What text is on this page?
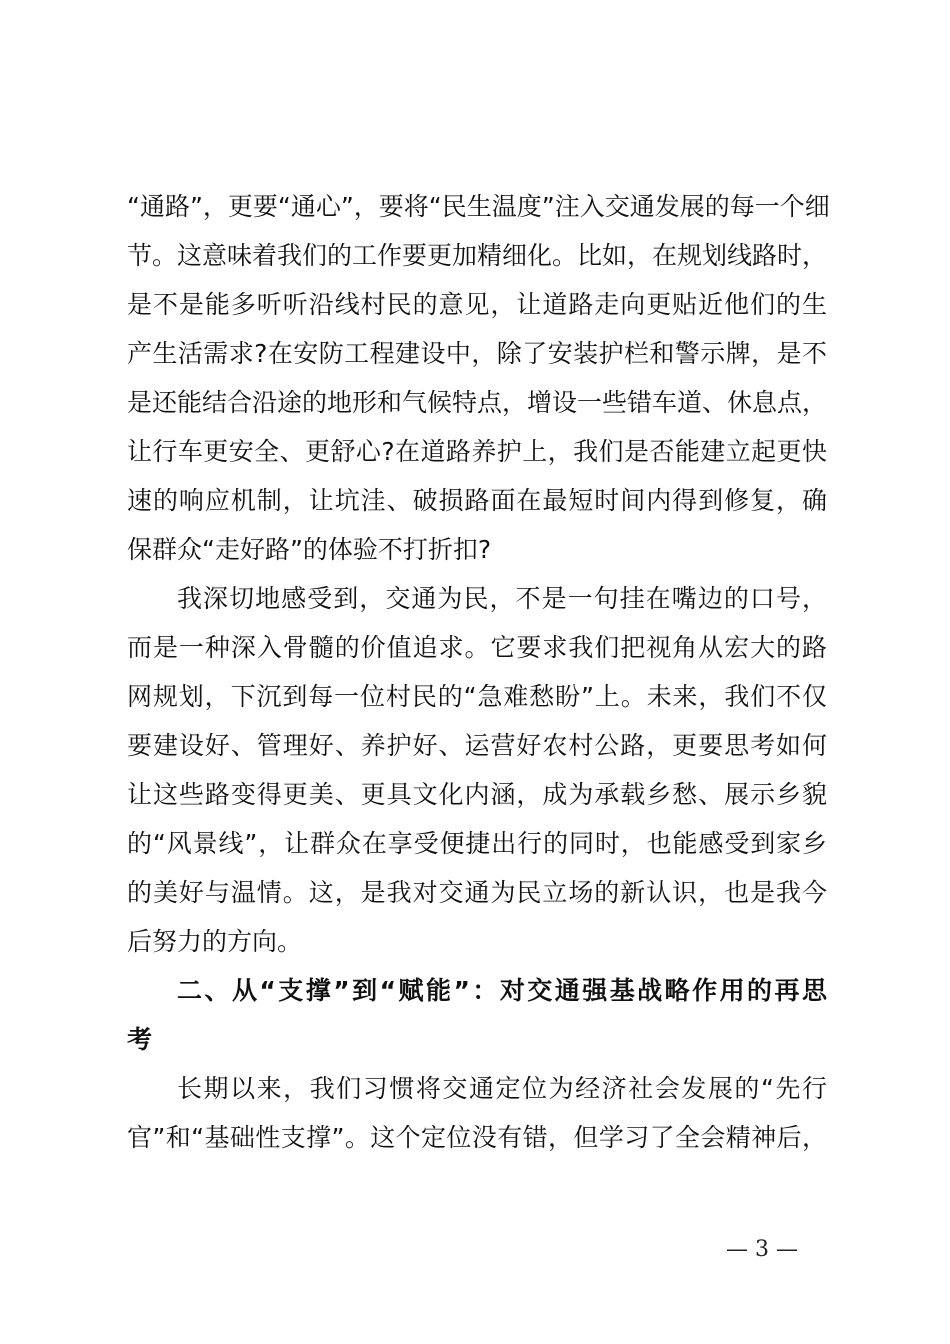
“通路”，更要“通心”，要将“民生温度”注入交通发展的每一个细
节。这意味着我们的工作要更加精细化。比如，在规划线路时，
是不是能多听听沿线村民的意见，让道路走向更贴近他们的生
产生活需求?在安防工程建设中，除了安装护栏和警示牌，是不
是还能结合沿途的地形和气候特点，增设一些错车道、休息点，
让行车更安全、更舒心?在道路养护上，我们是否能建立起更快
速的响应机制，让坑洼、破损路面在最短时间内得到修复，确
保群众“走好路”的体验不打折扣?
我深切地感受到，交通为民，不是一句挂在嘴边的口号，
而是一种深入骨髓的价值追求。它要求我们把视角从宏大的路
网规划，下沉到每一位村民的“急难愁盼”上。未来，我们不仅
要建设好、管理好、养护好、运营好农村公路，更要思考如何
让这些路变得更美、更具文化内涵，成为承载乡愁、展示乡貌
的“风景线”，让群众在享受便捷出行的同时，也能感受到家乡
的美好与温情。这，是我对交通为民立场的新认识，也是我今
后努力的方向。
二、从“支撑”到“赋能”：对交通强基战略作用的再思
考
长期以来，我们习惯将交通定位为经济社会发展的“先行
官”和“基础性支撑”。这个定位没有错，但学习了全会精神后，
— 3 —
